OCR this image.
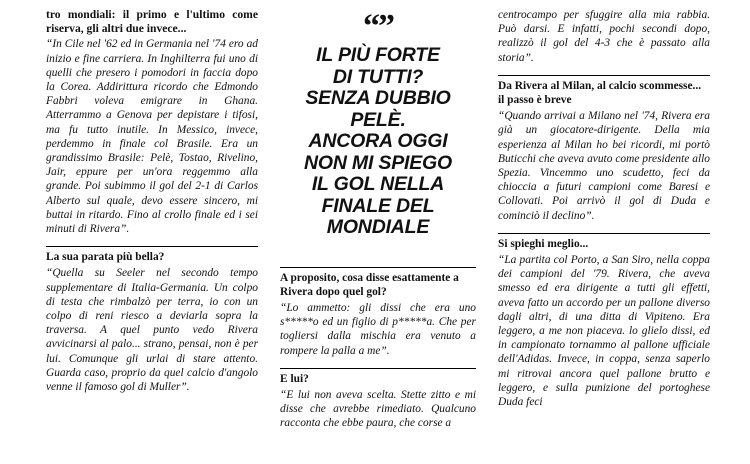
tro mondiali: il primo e l'ultimo come riserva, gli altri due invece...

“In Cile nel '62 ed in Germania nel '74 ero ad inizio e fine carriera. In Inghilterra fui uno di quelli che presero i pomodori in faccia dopo la Corea. Addirittura ricordo che Edmondo Fabbri voleva emigrare in Ghana. Atterrammo a Genova per depistare i tifosi, ma fu tutto inutile. In Messico, invece, perdemmo in finale col Brasile. Era un grandissimo Brasile: Pelè, Tostao, Rivelino, Jair, eppure per un'ora reggemmo alla grande. Poi subimmo il gol del 2-1 di Carlos Alberto sul quale, devo essere sincero, mi buttai in ritardo. Fino al crollo finale ed i sei minuti di Rivera”.

La sua parata più bella?

“Quella su Seeler nel secondo tempo supplementare di Italia-Germania. Un colpo di testa che rimbalzò per terra, io con un colpo di reni riesco a deviarla sopra la traversa. A quel punto vedo Rivera avvicinarsi al palo... strano, pensai, non è per lui. Comunque gli urlai di stare attento. Guarda caso, proprio da quel calcio d'angolo venne il famoso gol di Muller”.

“”
IL PIÙ FORTE
DI TUTTI?
SENZA DUBBIO
PELÈ.
ANCORA OGGI
NON MI SPIEGO
IL GOL NELLA
FINALE DEL
MONDIALE
A proposito, cosa disse esattamente a Rivera dopo quel gol?

“Lo ammetto: gli dissi che era uno s*****o ed un figlio di p*****a. Che per togliersi dalla mischia era venuto a rompere la palla a me”.

E lui?

“E lui non aveva scelta. Stette zitto e mi disse che avrebbe rimediato. Qualcuno racconta che ebbe paura, che corse a

centrocampo per sfuggire alla mia rabbia. Può darsi. E infatti, pochi secondi dopo, realizzò il gol del 4-3 che è passato alla storia”.

Da Rivera al Milan, al calcio scommesse... il passo è breve

“Quando arrivai a Milano nel '74, Rivera era già un giocatore-dirigente. Della mia esperienza al Milan ho bei ricordi, mi portò Buticchi che aveva avuto come presidente allo Spezia. Vincemmo uno scudetto, feci da chioccia a futuri campioni come Baresi e Collovati. Poi arrivò il gol di Duda e cominciò il declino”.

Si spieghi meglio...

“La partita col Porto, a San Siro, nella coppa dei campioni del '79. Rivera, che aveva smesso ed era dirigente a tutti gli effetti, aveva fatto un accordo per un pallone diverso dagli altri, di una ditta di Vipiteno. Era leggero, a me non piaceva. lo glielo dissi, ed in campionato tornammo al pallone ufficiale dell'Adidas. Invece, in coppa, senza saperlo mi ritrovai ancora quel pallone brutto e leggero, e sulla punizione del portoghese Duda feci
